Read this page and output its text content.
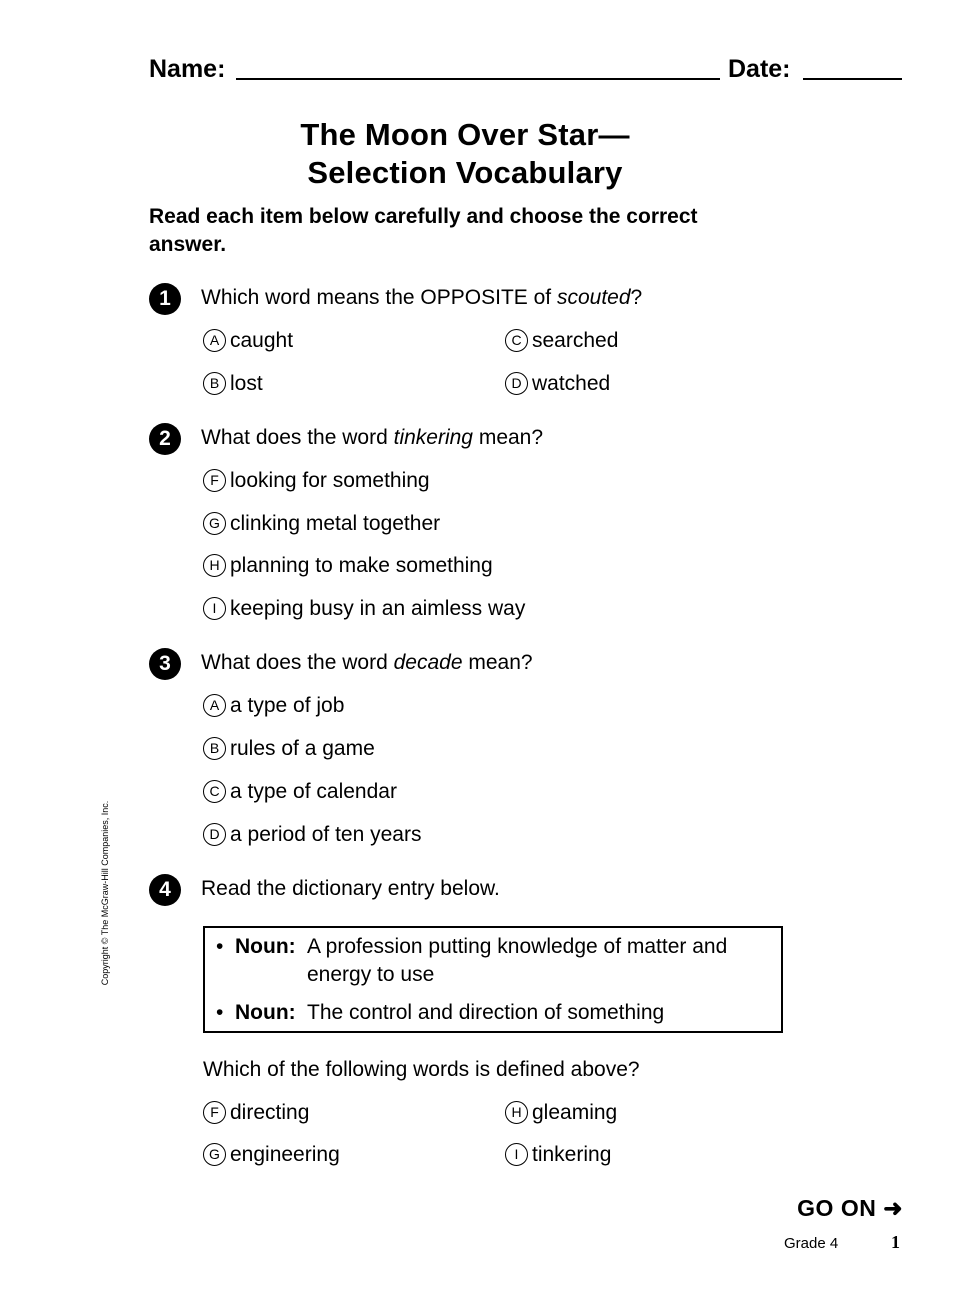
Name:	Date:
The Moon Over Star—
Selection Vocabulary
Read each item below carefully and choose the correct answer.
1	Which word means the OPPOSITE of scouted?
A caught
B lost
C searched
D watched
2	What does the word tinkering mean?
F looking for something
G clinking metal together
H planning to make something
I keeping busy in an aimless way
3	What does the word decade mean?
A a type of job
B rules of a game
C a type of calendar
D a period of ten years
4	Read the dictionary entry below.
• Noun: A profession putting knowledge of matter and
energy to use
• Noun: The control and direction of something
Which of the following words is defined above?
F directing
G engineering
H gleaming
I tinkering
Copyright © The McGraw-Hill Companies, Inc.
GO ON ➜
Grade 4	1
